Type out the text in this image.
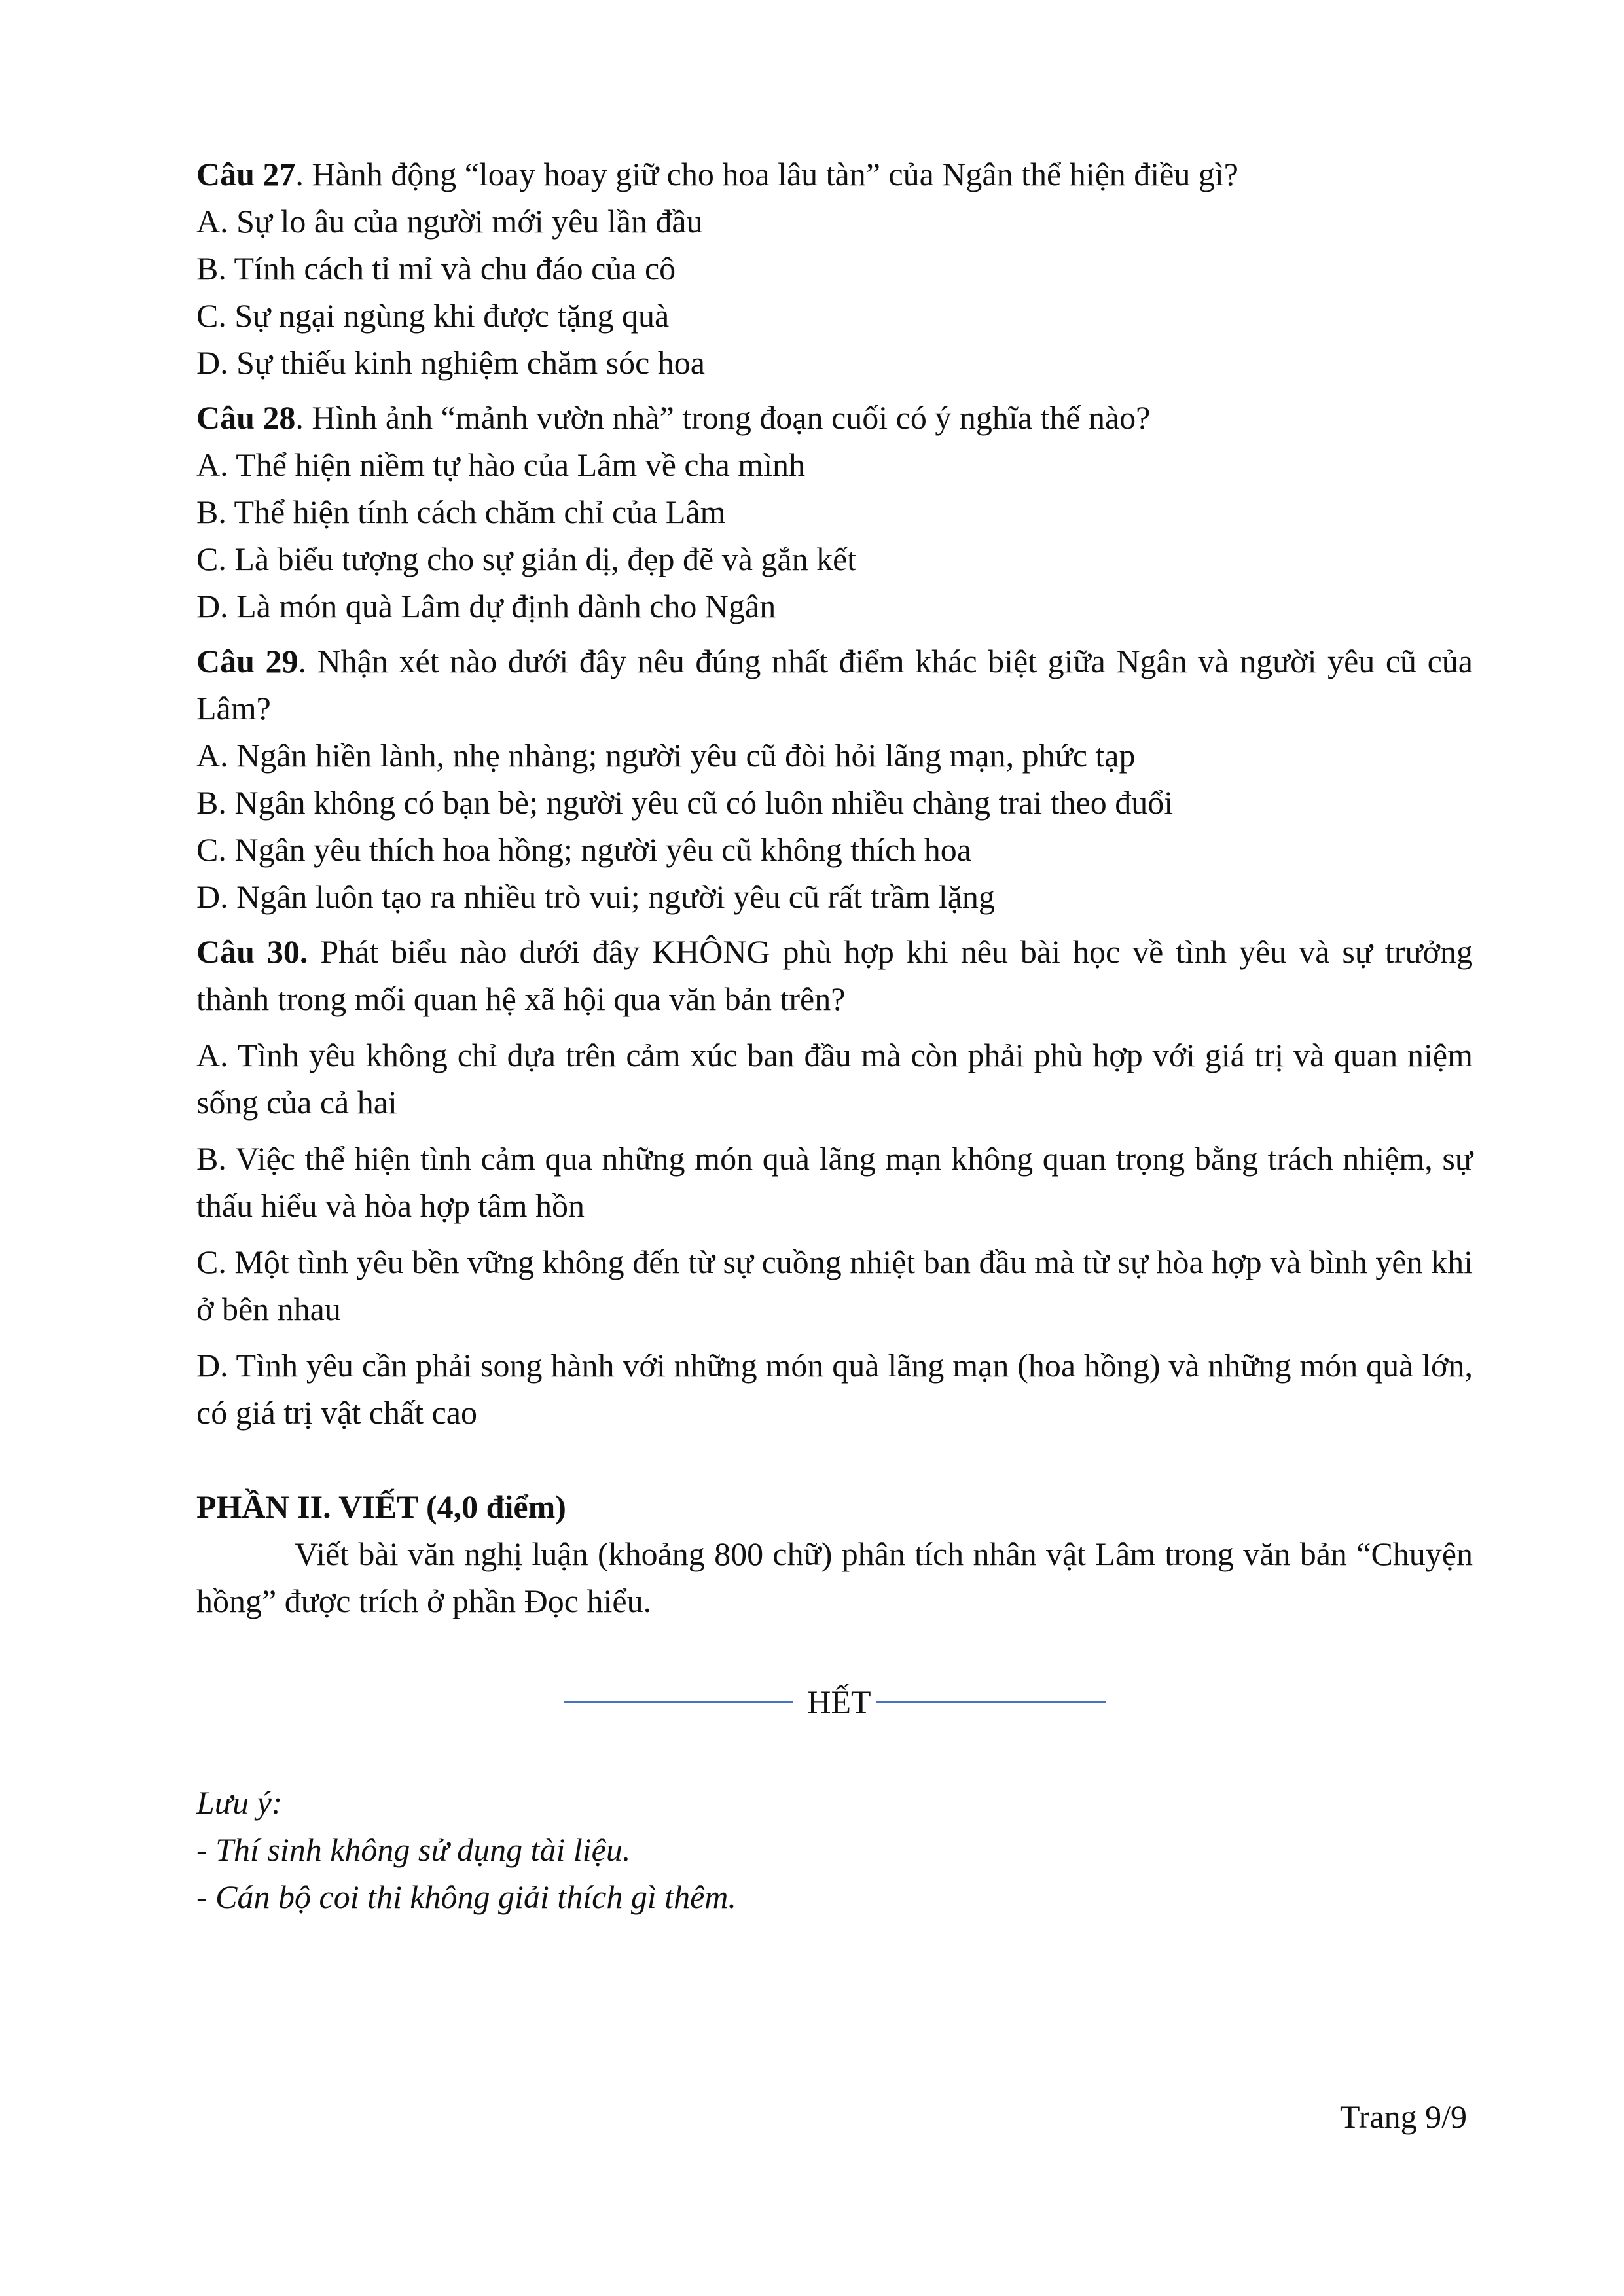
Câu 27. Hành động “loay hoay giữ cho hoa lâu tàn” của Ngân thể hiện điều gì?

A. Sự lo âu của người mới yêu lần đầu

B. Tính cách tỉ mỉ và chu đáo của cô

C. Sự ngại ngùng khi được tặng quà

D. Sự thiếu kinh nghiệm chăm sóc hoa

Câu 28. Hình ảnh “mảnh vườn nhà” trong đoạn cuối có ý nghĩa thế nào?

A. Thể hiện niềm tự hào của Lâm về cha mình

B. Thể hiện tính cách chăm chỉ của Lâm

C. Là biểu tượng cho sự giản dị, đẹp đẽ và gắn kết

D. Là món quà Lâm dự định dành cho Ngân

Câu 29. Nhận xét nào dưới đây nêu đúng nhất điểm khác biệt giữa Ngân và người yêu cũ của Lâm?

A. Ngân hiền lành, nhẹ nhàng; người yêu cũ đòi hỏi lãng mạn, phức tạp

B. Ngân không có bạn bè; người yêu cũ có luôn nhiều chàng trai theo đuổi

C. Ngân yêu thích hoa hồng; người yêu cũ không thích hoa

D. Ngân luôn tạo ra nhiều trò vui; người yêu cũ rất trầm lặng

Câu 30. Phát biểu nào dưới đây KHÔNG phù hợp khi nêu bài học về tình yêu và sự trưởng thành trong mối quan hệ xã hội qua văn bản trên?

A. Tình yêu không chỉ dựa trên cảm xúc ban đầu mà còn phải phù hợp với giá trị và quan niệm sống của cả hai

B. Việc thể hiện tình cảm qua những món quà lãng mạn không quan trọng bằng trách nhiệm, sự thấu hiểu và hòa hợp tâm hồn

C. Một tình yêu bền vững không đến từ sự cuồng nhiệt ban đầu mà từ sự hòa hợp và bình yên khi ở bên nhau

D. Tình yêu cần phải song hành với những món quà lãng mạn (hoa hồng) và những món quà lớn, có giá trị vật chất cao

PHẦN II. VIẾT (4,0 điểm)

Viết bài văn nghị luận (khoảng 800 chữ) phân tích nhân vật Lâm trong văn bản “Chuyện hồng” được trích ở phần Đọc hiểu.

HẾT

Lưu ý:

- Thí sinh không sử dụng tài liệu.

- Cán bộ coi thi không giải thích gì thêm.

Trang 9/9
